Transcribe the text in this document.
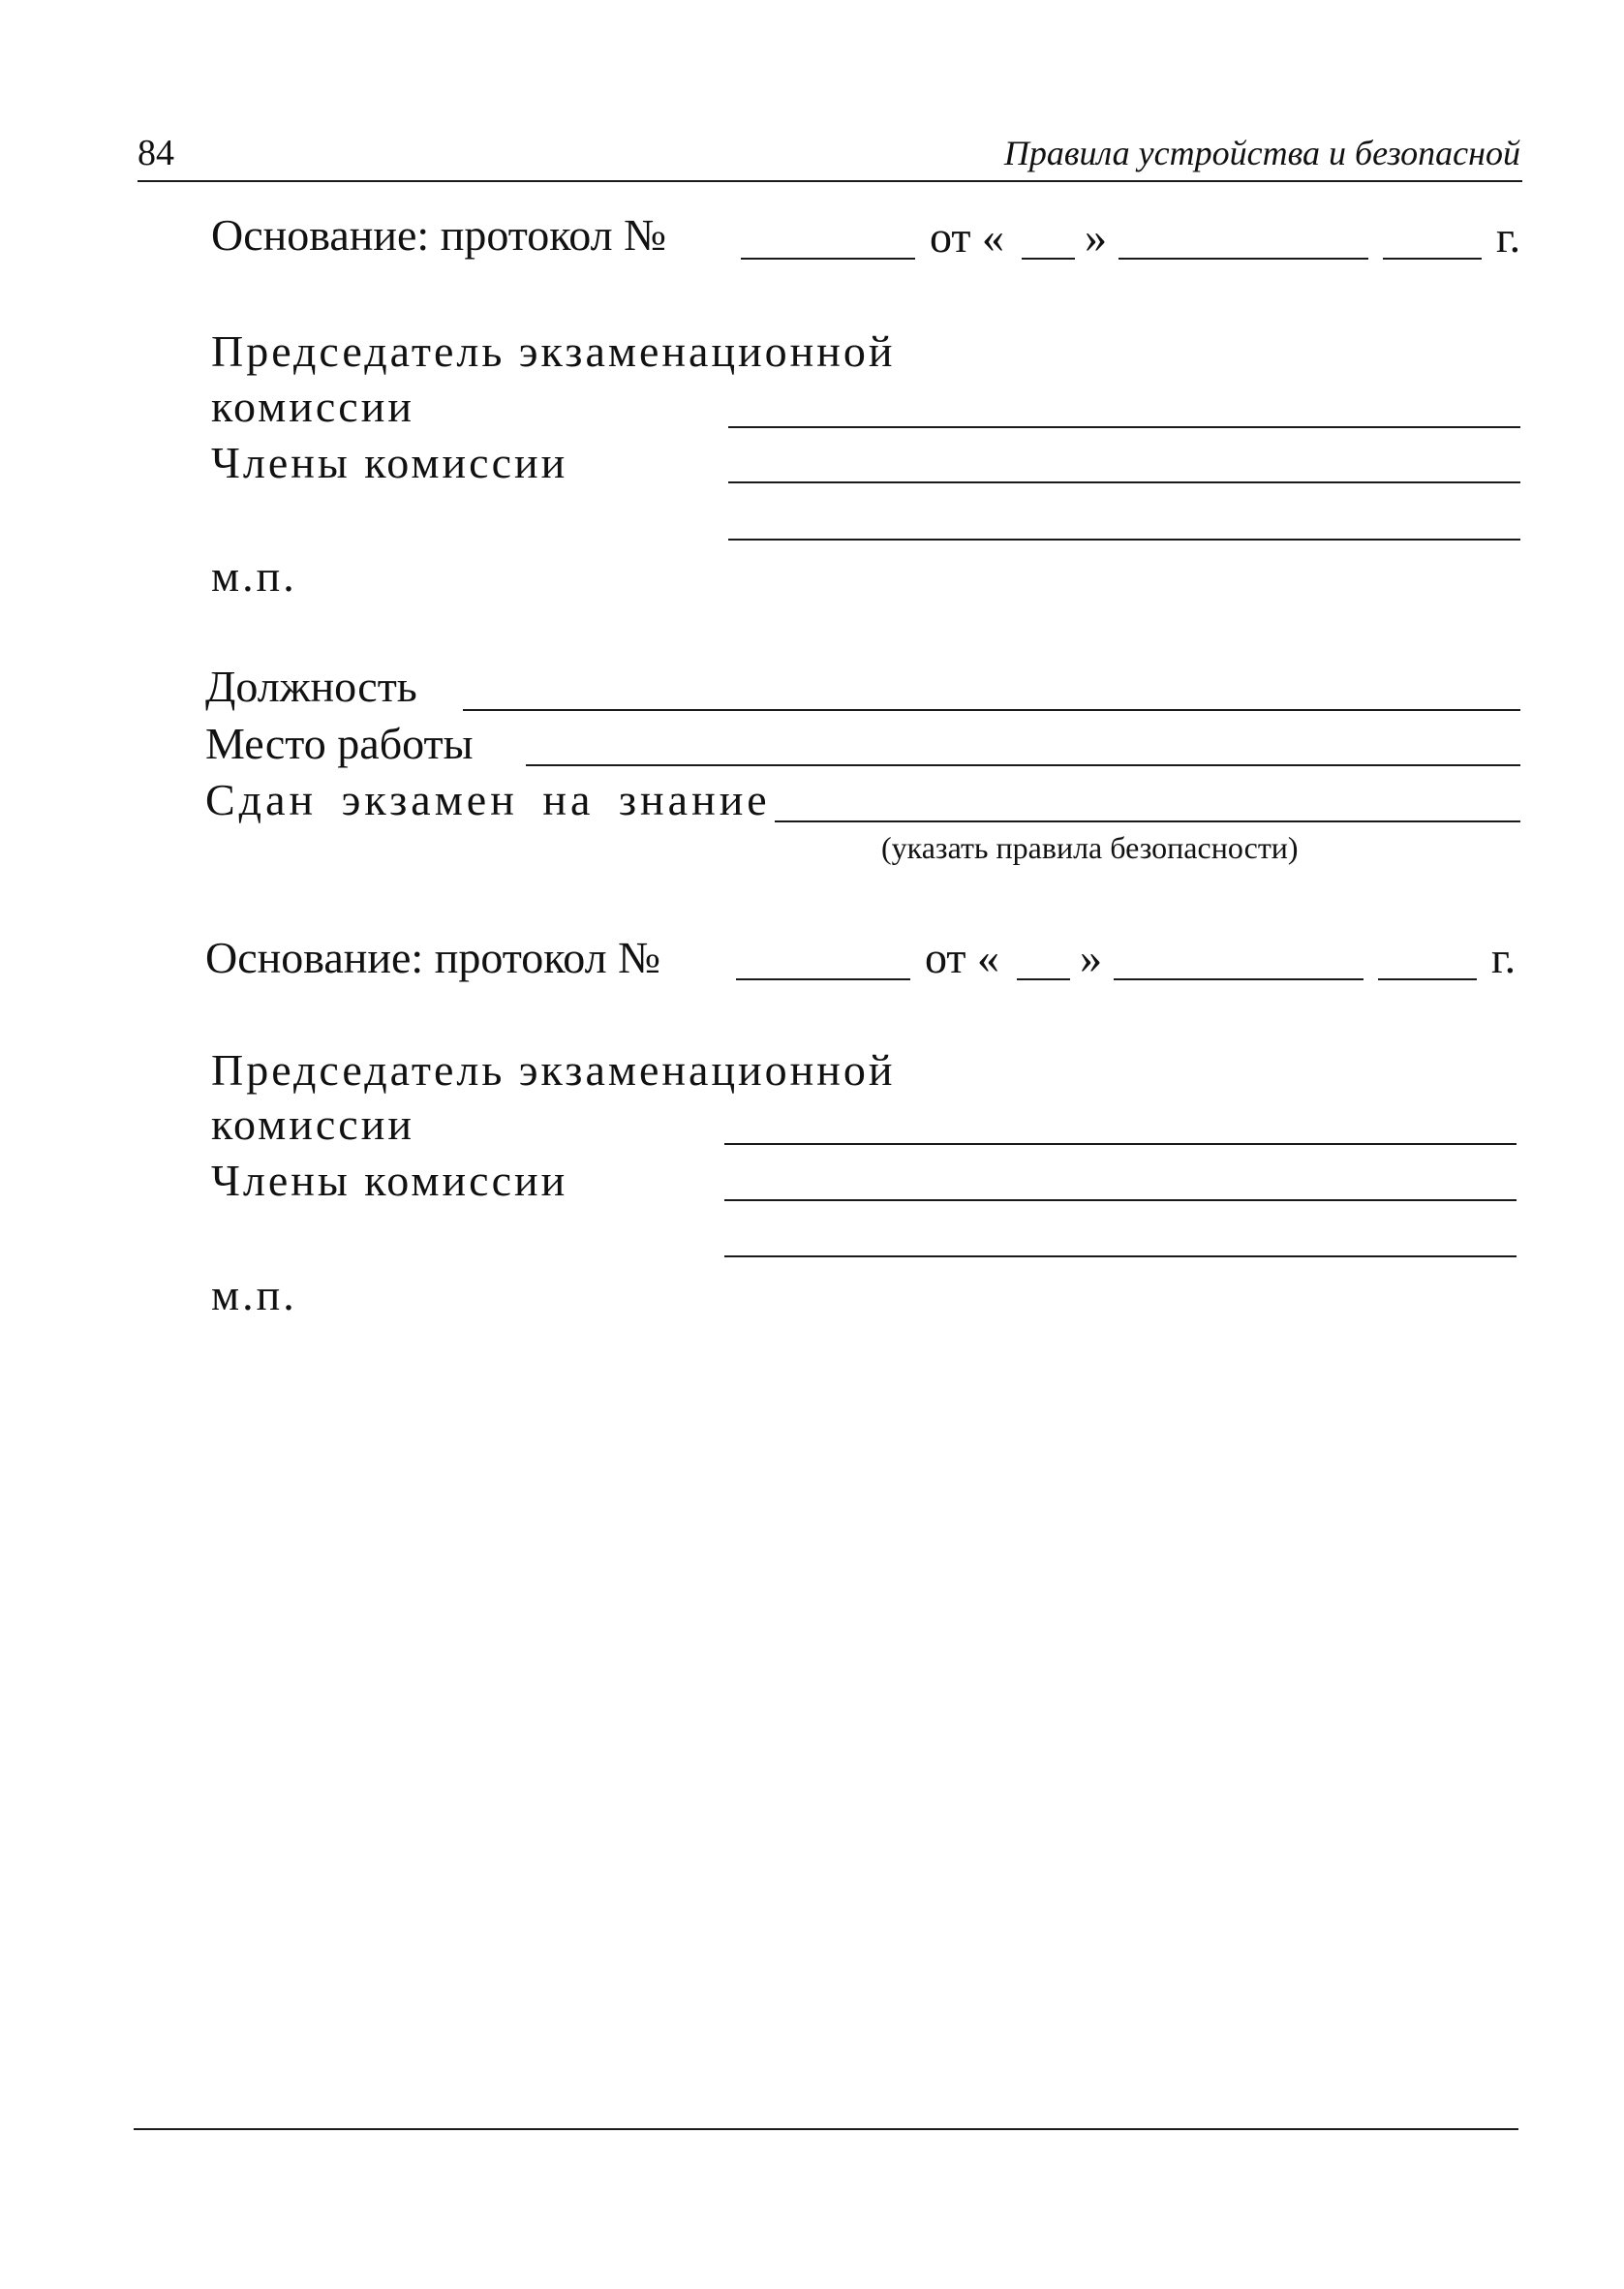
84	Правила устройства и безопасной
Основание: протокол №	от « »	г.
Председатель экзаменационной
комиссии
Члены комиссии
м.п.
Должность
Место работы
Сдан экзамен на знание
(указать правила безопасности)
Основание: протокол №	от « »	г.
Председатель экзаменационной
комиссии
Члены комиссии
м.п.
